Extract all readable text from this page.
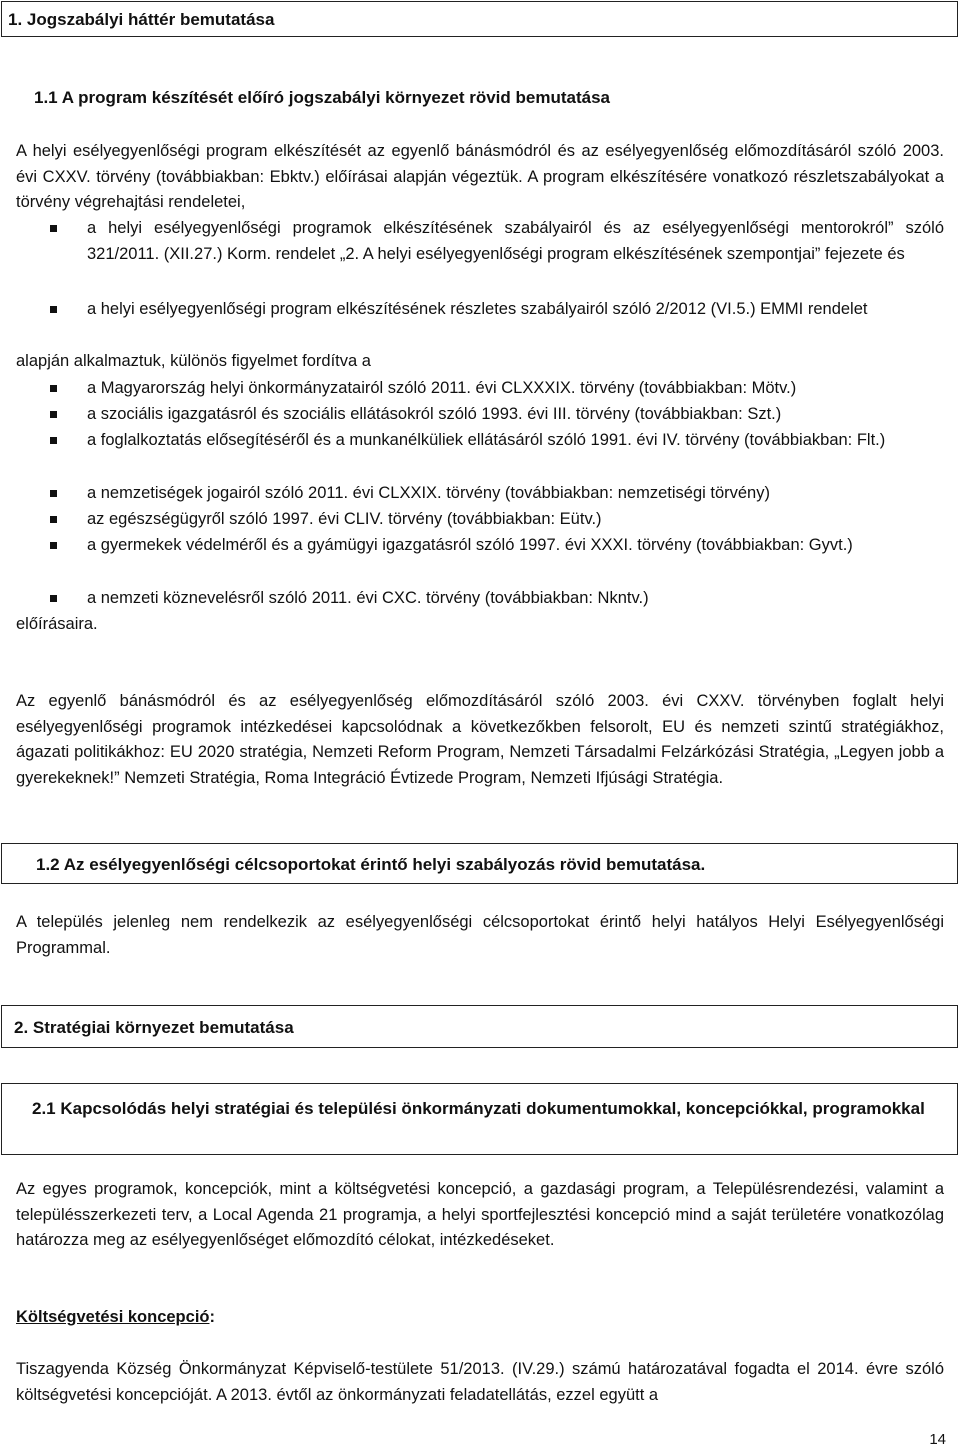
1. Jogszabályi háttér bemutatása
1.1 A program készítését előíró jogszabályi környezet rövid bemutatása

A helyi esélyegyenlőségi program elkészítését az egyenlő bánásmódról és az esélyegyenlőség előmozdításáról szóló 2003. évi CXXV. törvény (továbbiakban: Ebktv.) előírásai alapján végeztük. A program elkészítésére vonatkozó részletszabályokat a törvény végrehajtási rendeletei,

a helyi esélyegyenlőségi programok elkészítésének szabályairól és az esélyegyenlőségi mentorokról” szóló 321/2011. (XII.27.) Korm. rendelet „2. A helyi esélyegyenlőségi program elkészítésének szempontjai” fejezete és
a helyi esélyegyenlőségi program elkészítésének részletes szabályairól szóló 2/2012 (VI.5.) EMMI rendelet

alapján alkalmaztuk, különös figyelmet fordítva a

a Magyarország helyi önkormányzatairól szóló 2011. évi CLXXXIX. törvény (továbbiakban: Mötv.)
a szociális igazgatásról és szociális ellátásokról szóló 1993. évi III. törvény (továbbiakban: Szt.)
a foglalkoztatás elősegítéséről és a munkanélküliek ellátásáról szóló 1991. évi IV. törvény (továbbiakban: Flt.)
a nemzetiségek jogairól szóló 2011. évi CLXXIX. törvény (továbbiakban: nemzetiségi törvény)
az egészségügyről szóló 1997. évi CLIV. törvény (továbbiakban: Eütv.)
a gyermekek védelméről és a gyámügyi igazgatásról szóló 1997. évi XXXI. törvény (továbbiakban: Gyvt.)
a nemzeti köznevelésről szóló 2011. évi CXC. törvény (továbbiakban: Nkntv.)

előírásaira.

Az egyenlő bánásmódról és az esélyegyenlőség előmozdításáról szóló 2003. évi CXXV. törvényben foglalt helyi esélyegyenlőségi programok intézkedései kapcsolódnak a következőkben felsorolt, EU és nemzeti szintű stratégiákhoz, ágazati politikákhoz: EU 2020 stratégia, Nemzeti Reform Program, Nemzeti Társadalmi Felzárkózási Stratégia, „Legyen jobb a gyerekeknek!” Nemzeti Stratégia, Roma Integráció Évtizede Program, Nemzeti Ifjúsági Stratégia.

1.2 Az esélyegyenlőségi célcsoportokat érintő helyi szabályozás rövid bemutatása.

A település jelenleg nem rendelkezik az esélyegyenlőségi célcsoportokat érintő helyi hatályos Helyi Esélyegyenlőségi Programmal.

2. Stratégiai környezet bemutatása
2.1 Kapcsolódás helyi stratégiai és települési önkormányzati dokumentumokkal, koncepciókkal, programokkal

Az egyes programok, koncepciók, mint a költségvetési koncepció, a gazdasági program, a Településrendezési, valamint a településszerkezeti terv, a Local Agenda 21 programja, a helyi sportfejlesztési koncepció mind a saját területére vonatkozólag határozza meg az esélyegyenlőséget előmozdító célokat, intézkedéseket.

Költségvetési koncepció:

Tiszagyenda Község Önkormányzat Képviselő-testülete 51/2013. (IV.29.) számú határozatával fogadta el 2014. évre szóló költségvetési koncepcióját. A 2013. évtől az önkormányzati feladatellátás, ezzel együtt a

14
